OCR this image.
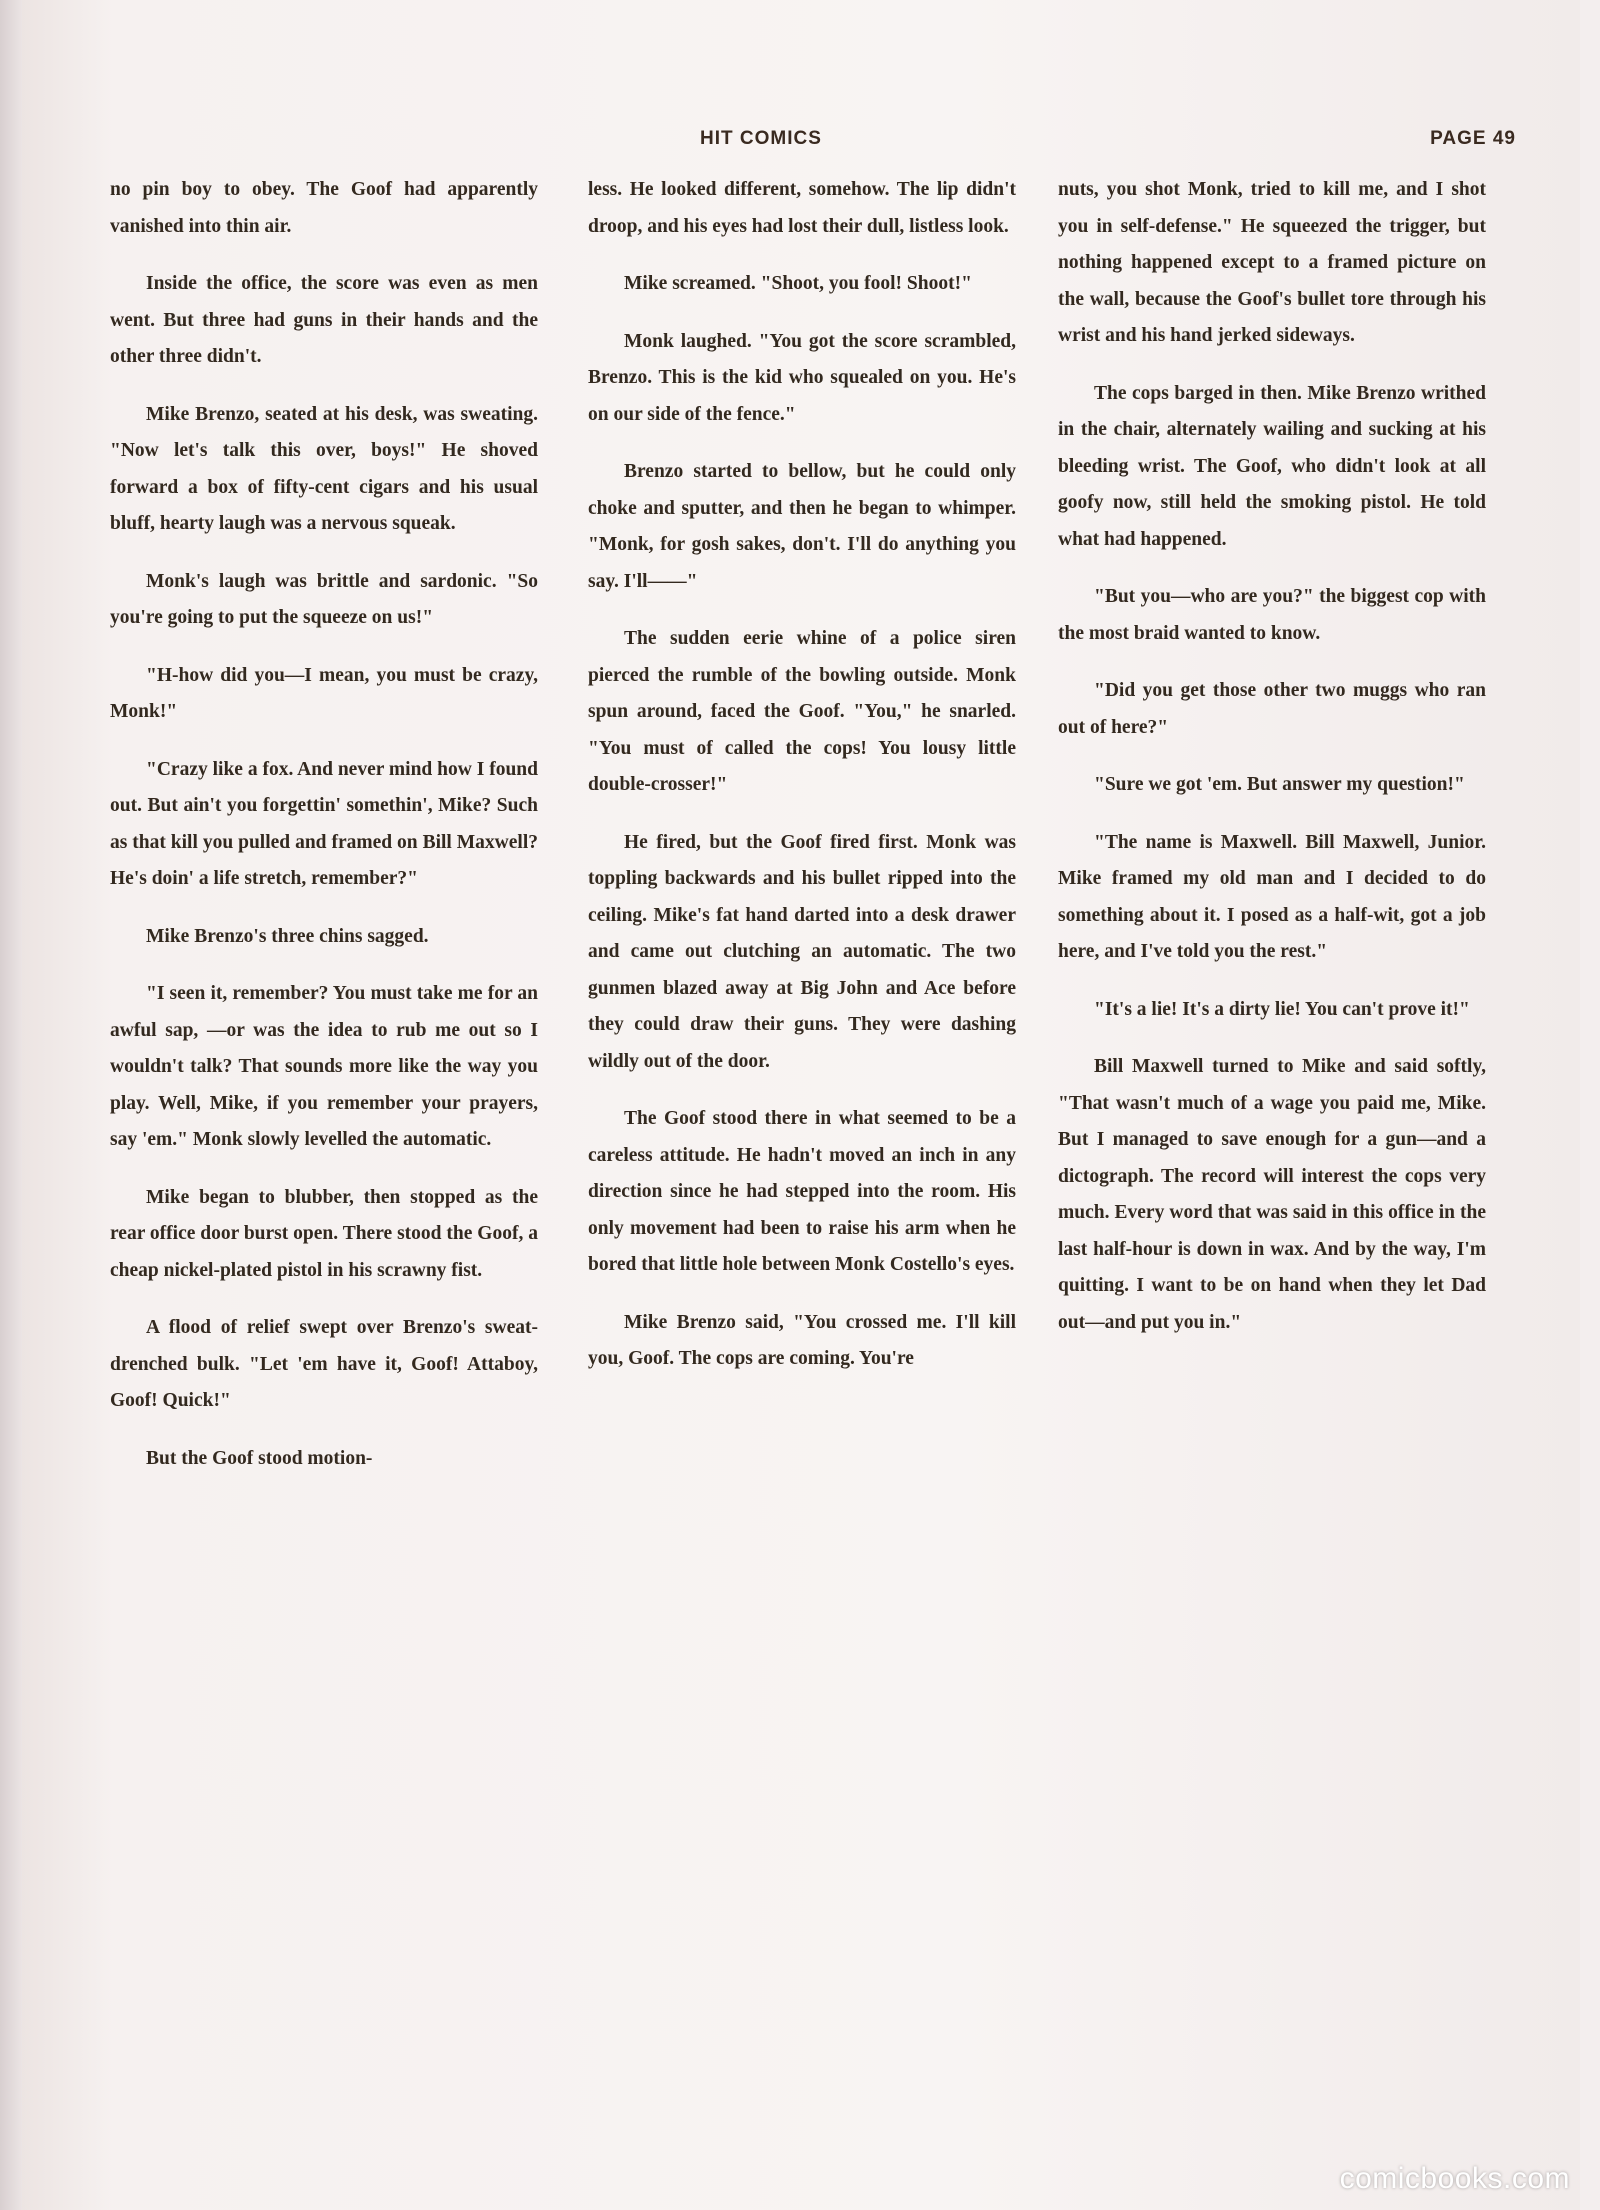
HIT COMICS	PAGE 49

no pin boy to obey. The Goof had apparently vanished into thin air.

Inside the office, the score was even as men went. But three had guns in their hands and the other three didn't.

Mike Brenzo, seated at his desk, was sweating. "Now let's talk this over, boys!" He shoved forward a box of fifty-cent cigars and his usual bluff, hearty laugh was a nervous squeak.

Monk's laugh was brittle and sardonic. "So you're going to put the squeeze on us!"

"H-how did you—I mean, you must be crazy, Monk!"

"Crazy like a fox. And never mind how I found out. But ain't you forgettin' somethin', Mike? Such as that kill you pulled and framed on Bill Maxwell? He's doin' a life stretch, remember?"

Mike Brenzo's three chins sagged.

"I seen it, remember? You must take me for an awful sap, —or was the idea to rub me out so I wouldn't talk? That sounds more like the way you play. Well, Mike, if you remember your prayers, say 'em." Monk slowly levelled the automatic.

Mike began to blubber, then stopped as the rear office door burst open. There stood the Goof, a cheap nickel-plated pistol in his scrawny fist.

A flood of relief swept over Brenzo's sweat-drenched bulk. "Let 'em have it, Goof! Attaboy, Goof! Quick!"

But the Goof stood motion-

less. He looked different, somehow. The lip didn't droop, and his eyes had lost their dull, listless look.

Mike screamed. "Shoot, you fool! Shoot!"

Monk laughed. "You got the score scrambled, Brenzo. This is the kid who squealed on you. He's on our side of the fence."

Brenzo started to bellow, but he could only choke and sputter, and then he began to whimper. "Monk, for gosh sakes, don't. I'll do anything you say. I'll——"

The sudden eerie whine of a police siren pierced the rumble of the bowling outside. Monk spun around, faced the Goof. "You," he snarled. "You must of called the cops! You lousy little double-crosser!"

He fired, but the Goof fired first. Monk was toppling backwards and his bullet ripped into the ceiling. Mike's fat hand darted into a desk drawer and came out clutching an automatic. The two gunmen blazed away at Big John and Ace before they could draw their guns. They were dashing wildly out of the door.

The Goof stood there in what seemed to be a careless attitude. He hadn't moved an inch in any direction since he had stepped into the room. His only movement had been to raise his arm when he bored that little hole between Monk Costello's eyes.

Mike Brenzo said, "You crossed me. I'll kill you, Goof. The cops are coming. You're

nuts, you shot Monk, tried to kill me, and I shot you in self-defense." He squeezed the trigger, but nothing happened except to a framed picture on the wall, because the Goof's bullet tore through his wrist and his hand jerked sideways.

The cops barged in then. Mike Brenzo writhed in the chair, alternately wailing and sucking at his bleeding wrist. The Goof, who didn't look at all goofy now, still held the smoking pistol. He told what had happened.

"But you—who are you?" the biggest cop with the most braid wanted to know.

"Did you get those other two muggs who ran out of here?"

"Sure we got 'em. But answer my question!"

"The name is Maxwell. Bill Maxwell, Junior. Mike framed my old man and I decided to do something about it. I posed as a half-wit, got a job here, and I've told you the rest."

"It's a lie! It's a dirty lie! You can't prove it!"

Bill Maxwell turned to Mike and said softly, "That wasn't much of a wage you paid me, Mike. But I managed to save enough for a gun—and a dictograph. The record will interest the cops very much. Every word that was said in this office in the last half-hour is down in wax. And by the way, I'm quitting. I want to be on hand when they let Dad out—and put you in."

comicbooks.com
